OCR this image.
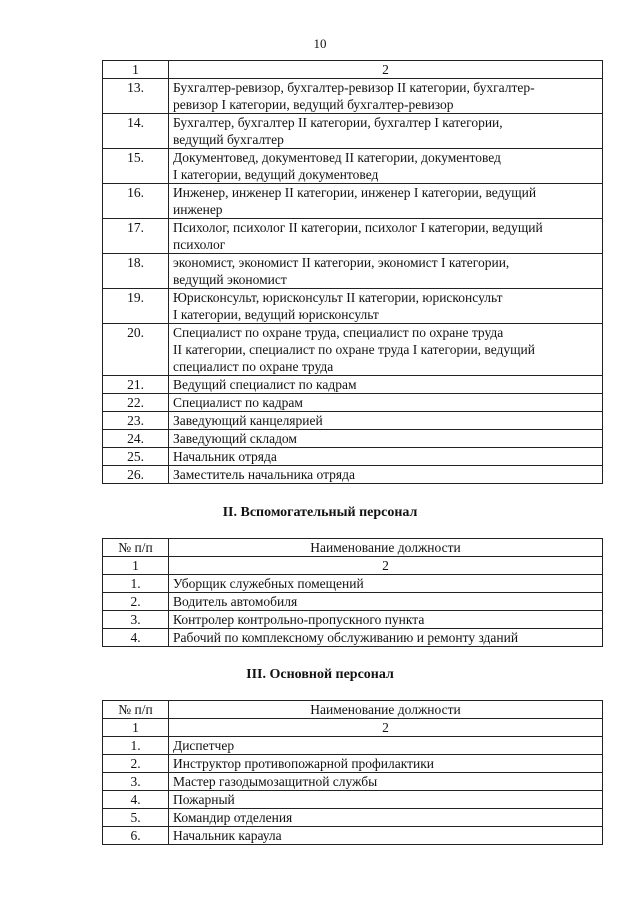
10
1	2
13.	Бухгалтер-ревизор, бухгалтер-ревизор II категории, бухгалтер-
ревизор I категории, ведущий бухгалтер-ревизор

14.	Бухгалтер, бухгалтер II категории, бухгалтер I категории,
ведущий бухгалтер

15.	Документовед, документовед II категории, документовед
I категории, ведущий документовед

16.	Инженер, инженер II категории, инженер I категории, ведущий
инженер

17.	Психолог, психолог II категории, психолог I категории, ведущий
психолог

18.	экономист, экономист II категории, экономист I категории,
ведущий экономист

19.	Юрисконсульт, юрисконсульт II категории, юрисконсульт
I категории, ведущий юрисконсульт

20.	Специалист по охране труда, специалист по охране труда
II категории, специалист по охране труда I категории, ведущий
специалист по охране труда

21.	Ведущий специалист по кадрам

22.	Специалист по кадрам

23.	Заведующий канцелярией

24.	Заведующий складом

25.	Начальник отряда

26.	Заместитель начальника отряда
II. Вспомогательный персонал
№ п/п	Наименование должности
1	2
1.	Уборщик служебных помещений
2.	Водитель автомобиля
3.	Контролер контрольно-пропускного пункта
4.	Рабочий по комплексному обслуживанию и ремонту зданий
III. Основной персонал
№ п/п	Наименование должности
1	2
1.	Диспетчер
2.	Инструктор противопожарной профилактики
3.	Мастер газодымозащитной службы
4.	Пожарный
5.	Командир отделения
6.	Начальник караула
